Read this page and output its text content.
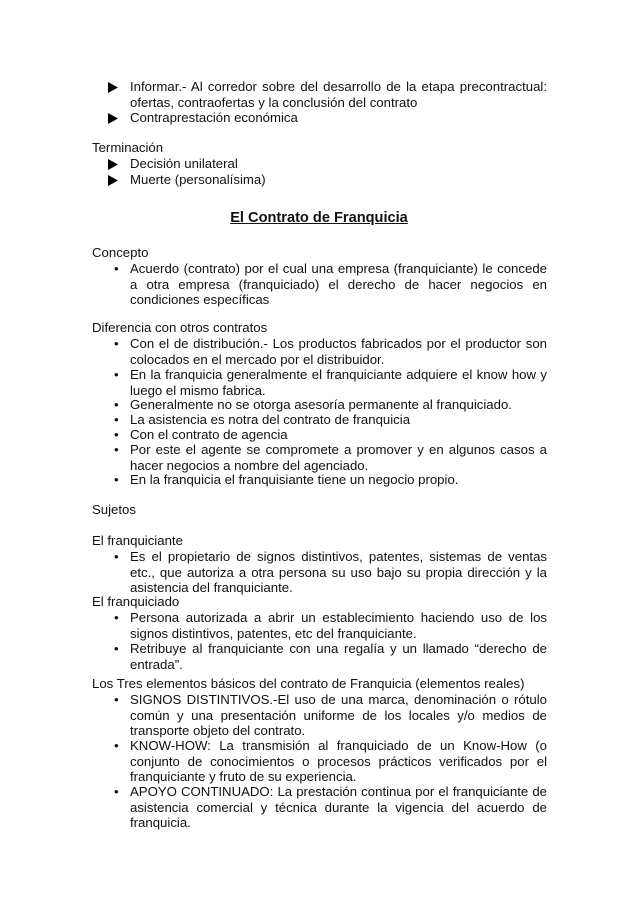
Informar.- Al corredor sobre del desarrollo de la etapa precontractual: ofertas, contraofertas y la conclusión del contrato
Contraprestación económica
Terminación
Decisión unilateral
Muerte (personalísima)
El Contrato de Franquicia
Concepto
• Acuerdo (contrato) por el cual una empresa (franquiciante) le concede a otra empresa (franquiciado) el derecho de hacer negocios en condiciones específicas
Diferencia con otros contratos
• Con el de distribución.- Los productos fabricados por el productor son colocados en el mercado por el distribuidor.
• En la franquicia generalmente el franquiciante adquiere el know how y luego el mismo fabrica.
• Generalmente no se otorga asesoría permanente al franquiciado.
• La asistencia es notra del contrato de franquicia
• Con el contrato de agencia
• Por este el agente se compromete a promover y en algunos casos a hacer negocios a nombre del agenciado.
• En la franquicia el franquisiante tiene un negocio propio.
Sujetos
El franquiciante
• Es el propietario de signos distintivos, patentes, sistemas de ventas etc., que autoriza a otra persona su uso bajo su propia dirección y la asistencia del franquiciante.
El franquiciado
• Persona autorizada a abrir un establecimiento haciendo uso de los signos distintivos, patentes, etc del franquiciante.
• Retribuye al franquiciante con una regalía y un llamado “derecho de entrada”.
Los Tres elementos básicos del contrato de Franquicia (elementos reales)
• SIGNOS DISTINTIVOS.-El uso de una marca, denominación o rótulo común y una presentación uniforme de los locales y/o medios de transporte objeto del contrato.
• KNOW-HOW: La transmisión al franquiciado de un Know-How (o conjunto de conocimientos o procesos prácticos verificados por el franquiciante y fruto de su experiencia.
• APOYO CONTINUADO: La prestación continua por el franquiciante de asistencia comercial y técnica durante la vigencia del acuerdo de franquicia.
